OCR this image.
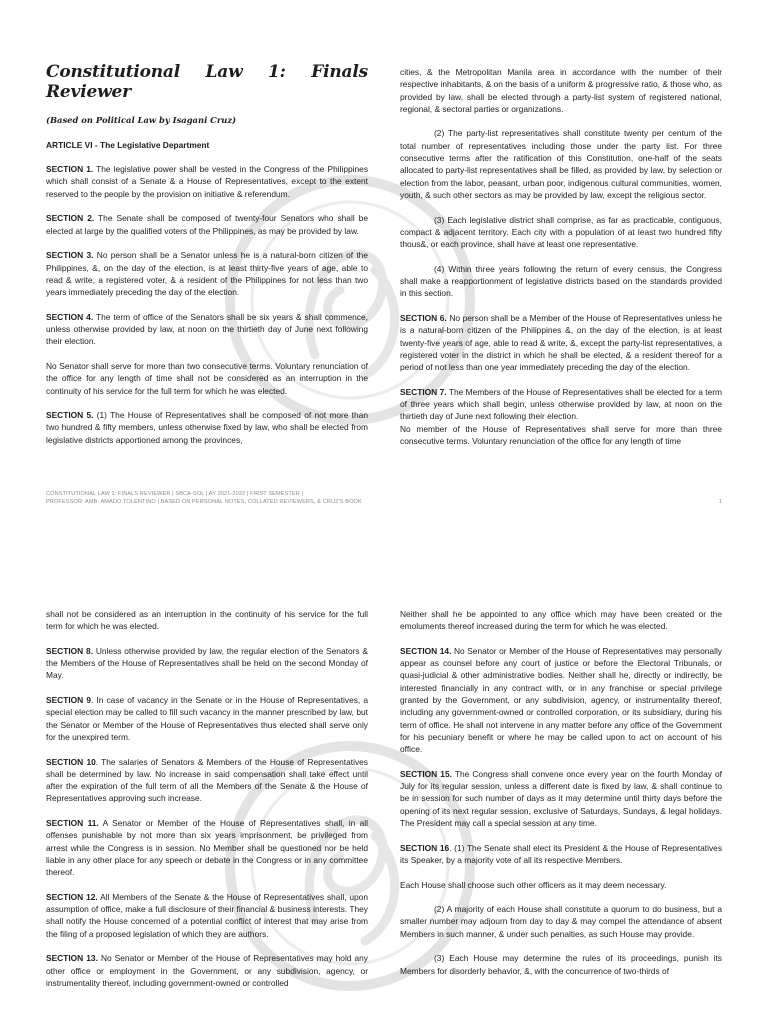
Constitutional Law 1: Finals Reviewer

(Based on Political Law by Isagani Cruz)

ARTICLE VI - The Legislative Department

SECTION 1. The legislative power shall be vested in the Congress of the Philippines which shall consist of a Senate & a House of Representatives, except to the extent reserved to the people by the provision on initiative & referendum.

SECTION 2. The Senate shall be composed of twenty-four Senators who shall be elected at large by the qualified voters of the Philippines, as may be provided by law.

SECTION 3. No person shall be a Senator unless he is a natural-born citizen of the Philippines, &, on the day of the election, is at least thirty-five years of age, able to read & write, a registered voter, & a resident of the Philippines for not less than two years immediately preceding the day of the election.

SECTION 4. The term of office of the Senators shall be six years & shall commence, unless otherwise provided by law, at noon on the thirtieth day of June next following their election.

No Senator shall serve for more than two consecutive terms. Voluntary renunciation of the office for any length of time shall not be considered as an interruption in the continuity of his service for the full term for which he was elected.

SECTION 5. (1) The House of Representatives shall be composed of not more than two hundred & fifty members, unless otherwise fixed by law, who shall be elected from legislative districts apportioned among the provinces,

cities, & the Metropolitan Manila area in accordance with the number of their respective inhabitants, & on the basis of a uniform & progressive ratio, & those who, as provided by law, shall be elected through a party-list system of registered national, regional, & sectoral parties or organizations.

(2) The party-list representatives shall constitute twenty per centum of the total number of representatives including those under the party list. For three consecutive terms after the ratification of this Constitution, one-half of the seats allocated to party-list representatives shall be filled, as provided by law, by selection or election from the labor, peasant, urban poor, indigenous cultural communities, women, youth, & such other sectors as may be provided by law, except the religious sector.

(3) Each legislative district shall comprise, as far as practicable, contiguous, compact & adjacent territory. Each city with a population of at least two hundred fifty thous&, or each province, shall have at least one representative.

(4) Within three years following the return of every census, the Congress shall make a reapportionment of legislative districts based on the standards provided in this section.

SECTION 6. No person shall be a Member of the House of Representatives unless he is a natural-born citizen of the Philippines &, on the day of the election, is at least twenty-five years of age, able to read & write, &, except the party-list representatives, a registered voter in the district in which he shall be elected, & a resident thereof for a period of not less than one year immediately preceding the day of the election.

SECTION 7. The Members of the House of Representatives shall be elected for a term of three years which shall begin, unless otherwise provided by law, at noon on the thirtieth day of June next following their election.

No member of the House of Representatives shall serve for more than three consecutive terms. Voluntary renunciation of the office for any length of time

CONSTITUTIONAL LAW 1: FINALS REVIEWER | SBCA-SOL | AY 2021-2022 | FIRST SEMESTER |
PROFESSOR: AMB. AMADO TOLENTINO | BASED ON PERSONAL NOTES, COLLATED REVIEWERS, & CRUZ'S BOOK	1

shall not be considered as an interruption in the continuity of his service for the full term for which he was elected.

SECTION 8. Unless otherwise provided by law, the regular election of the Senators & the Members of the House of Representatives shall be held on the second Monday of May.

SECTION 9. In case of vacancy in the Senate or in the House of Representatives, a special election may be called to fill such vacancy in the manner prescribed by law, but the Senator or Member of the House of Representatives thus elected shall serve only for the unexpired term.

SECTION 10. The salaries of Senators & Members of the House of Representatives shall be determined by law. No increase in said compensation shall take effect until after the expiration of the full term of all the Members of the Senate & the House of Representatives approving such increase.

SECTION 11. A Senator or Member of the House of Representatives shall, in all offenses punishable by not more than six years imprisonment, be privileged from arrest while the Congress is in session. No Member shall be questioned nor be held liable in any other place for any speech or debate in the Congress or in any committee thereof.

SECTION 12. All Members of the Senate & the House of Representatives shall, upon assumption of office, make a full disclosure of their financial & business interests. They shall notify the House concerned of a potential conflict of interest that may arise from the filing of a proposed legislation of which they are authors.

SECTION 13. No Senator or Member of the House of Representatives may hold any other office or employment in the Government, or any subdivision, agency, or instrumentality thereof, including government-owned or controlled

Neither shall he be appointed to any office which may have been created or the emoluments thereof increased during the term for which he was elected.

SECTION 14. No Senator or Member of the House of Representatives may personally appear as counsel before any court of justice or before the Electoral Tribunals, or quasi-judicial & other administrative bodies. Neither shall he, directly or indirectly, be interested financially in any contract with, or in any franchise or special privilege granted by the Government, or any subdivision, agency, or instrumentality thereof, including any government-owned or controlled corporation, or its subsidiary, during his term of office. He shall not intervene in any matter before any office of the Government for his pecuniary benefit or where he may be called upon to act on account of his office.

SECTION 15. The Congress shall convene once every year on the fourth Monday of July for its regular session, unless a different date is fixed by law, & shall continue to be in session for such number of days as it may determine until thirty days before the opening of its next regular session, exclusive of Saturdays, Sundays, & legal holidays. The President may call a special session at any time.

SECTION 16. (1) The Senate shall elect its President & the House of Representatives its Speaker, by a majority vote of all its respective Members.

Each House shall choose such other officers as it may deem necessary.

(2) A majority of each House shall constitute a quorum to do business, but a smaller number may adjourn from day to day & may compel the attendance of absent Members in such manner, & under such penalties, as such House may provide.

(3) Each House may determine the rules of its proceedings, punish its Members for disorderly behavior, &, with the concurrence of two-thirds of
